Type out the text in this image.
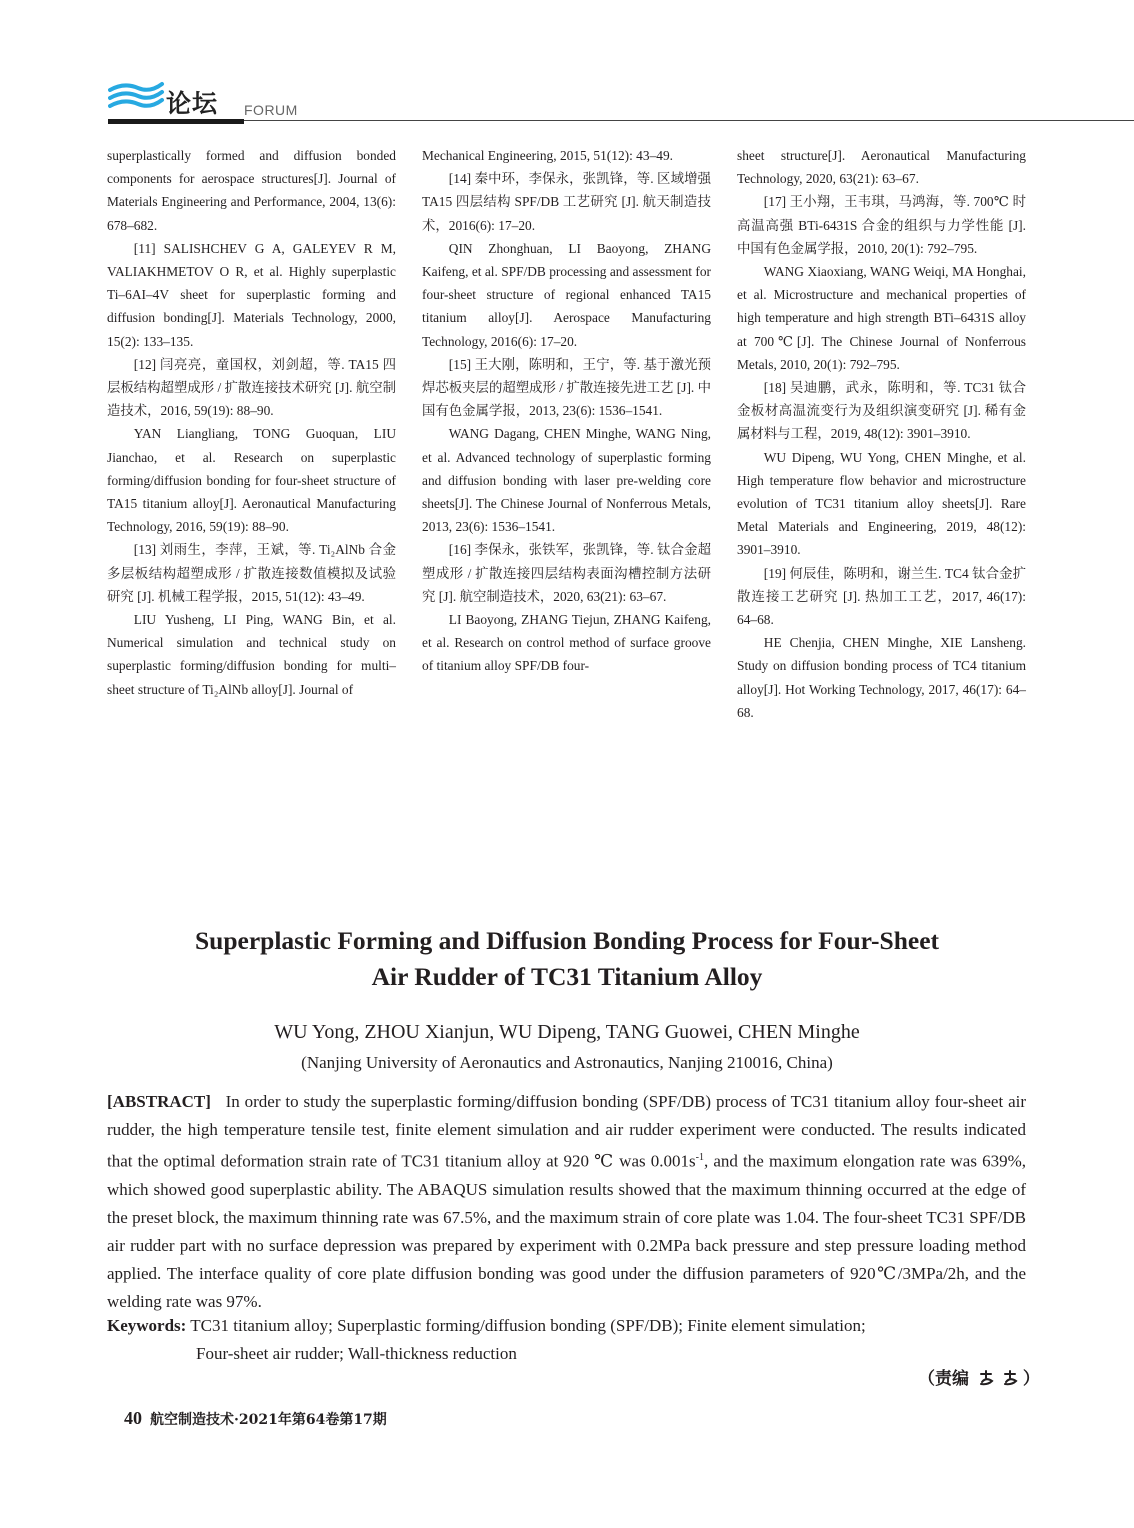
论坛 FORUM

superplastically formed and diffusion bonded components for aerospace structures[J]. Journal of Materials Engineering and Performance, 2004, 13(6): 678–682.

[11] SALISHCHEV G A, GALEYEV R M, VALIAKHMETOV O R, et al. Highly superplastic Ti–6AI–4V sheet for superplastic forming and diffusion bonding[J]. Materials Technology, 2000, 15(2): 133–135.

[12] 闫亮亮，童国权，刘剑超，等. TA15 四层板结构超塑成形 / 扩散连接技术研究 [J]. 航空制造技术，2016, 59(19): 88–90.

YAN Liangliang, TONG Guoquan, LIU Jianchao, et al. Research on superplastic forming/diffusion bonding for four-sheet structure of TA15 titanium alloy[J]. Aeronautical Manufacturing Technology, 2016, 59(19): 88–90.

[13] 刘雨生，李萍，王斌，等. Ti₂AlNb 合金多层板结构超塑成形 / 扩散连接数值模拟及试验研究 [J]. 机械工程学报，2015, 51(12): 43–49.

LIU Yusheng, LI Ping, WANG Bin, et al. Numerical simulation and technical study on superplastic forming/diffusion bonding for multi–sheet structure of Ti₂AlNb alloy[J]. Journal of

Mechanical Engineering, 2015, 51(12): 43–49.

[14] 秦中环，李保永，张凯锋，等. 区域增强 TA15 四层结构 SPF/DB 工艺研究 [J]. 航天制造技术，2016(6): 17–20.

QIN Zhonghuan, LI Baoyong, ZHANG Kaifeng, et al. SPF/DB processing and assessment for four-sheet structure of regional enhanced TA15 titanium alloy[J]. Aerospace Manufacturing Technology, 2016(6): 17–20.

[15] 王大刚，陈明和，王宁，等. 基于激光预焊芯板夹层的超塑成形 / 扩散连接先进工艺 [J]. 中国有色金属学报，2013, 23(6): 1536–1541.

WANG Dagang, CHEN Minghe, WANG Ning, et al. Advanced technology of superplastic forming and diffusion bonding with laser pre-welding core sheets[J]. The Chinese Journal of Nonferrous Metals, 2013, 23(6): 1536–1541.

[16] 李保永，张铁军，张凯锋，等. 钛合金超塑成形 / 扩散连接四层结构表面沟槽控制方法研究 [J]. 航空制造技术，2020, 63(21): 63–67.

LI Baoyong, ZHANG Tiejun, ZHANG Kaifeng, et al. Research on control method of surface groove of titanium alloy SPF/DB four-

sheet structure[J]. Aeronautical Manufacturing Technology, 2020, 63(21): 63–67.

[17] 王小翔，王韦琪，马鸿海，等. 700℃ 时高温高强 BTi-6431S 合金的组织与力学性能 [J]. 中国有色金属学报，2010, 20(1): 792–795.

WANG Xiaoxiang, WANG Weiqi, MA Honghai, et al. Microstructure and mechanical properties of high temperature and high strength BTi–6431S alloy at 700℃[J]. The Chinese Journal of Nonferrous Metals, 2010, 20(1): 792–795.

[18] 吴迪鹏，武永，陈明和，等. TC31 钛合金板材高温流变行为及组织演变研究 [J]. 稀有金属材料与工程，2019, 48(12): 3901–3910.

WU Dipeng, WU Yong, CHEN Minghe, et al. High temperature flow behavior and microstructure evolution of TC31 titanium alloy sheets[J]. Rare Metal Materials and Engineering, 2019, 48(12): 3901–3910.

[19] 何辰佳，陈明和，谢兰生. TC4 钛合金扩散连接工艺研究 [J]. 热加工工艺，2017, 46(17): 64–68.

HE Chenjia, CHEN Minghe, XIE Lansheng. Study on diffusion bonding process of TC4 titanium alloy[J]. Hot Working Technology, 2017, 46(17): 64–68.

Superplastic Forming and Diffusion Bonding Process for Four-Sheet
Air Rudder of TC31 Titanium Alloy
WU Yong, ZHOU Xianjun, WU Dipeng, TANG Guowei, CHEN Minghe
(Nanjing University of Aeronautics and Astronautics, Nanjing 210016, China)
[ABSTRACT] In order to study the superplastic forming/diffusion bonding (SPF/DB) process of TC31 titanium alloy four-sheet air rudder, the high temperature tensile test, finite element simulation and air rudder experiment were conducted. The results indicated that the optimal deformation strain rate of TC31 titanium alloy at 920 ℃ was $0.001s^{-1}$, and the maximum elongation rate was 639%, which showed good superplastic ability. The ABAQUS simulation results showed that the maximum thinning occurred at the edge of the preset block, the maximum thinning rate was 67.5%, and the maximum strain of core plate was 1.04. The four-sheet TC31 SPF/DB air rudder part with no surface depression was prepared by experiment with 0.2MPa back pressure and step pressure loading method applied. The interface quality of core plate diffusion bonding was good under the diffusion parameters of 920℃/3MPa/2h, and the welding rate was 97%.
Keywords: TC31 titanium alloy; Superplastic forming/diffusion bonding (SPF/DB); Finite element simulation;
Four-sheet air rudder; Wall-thickness reduction
（责编	）
40 航空制造技术·2021年第64卷第17期
